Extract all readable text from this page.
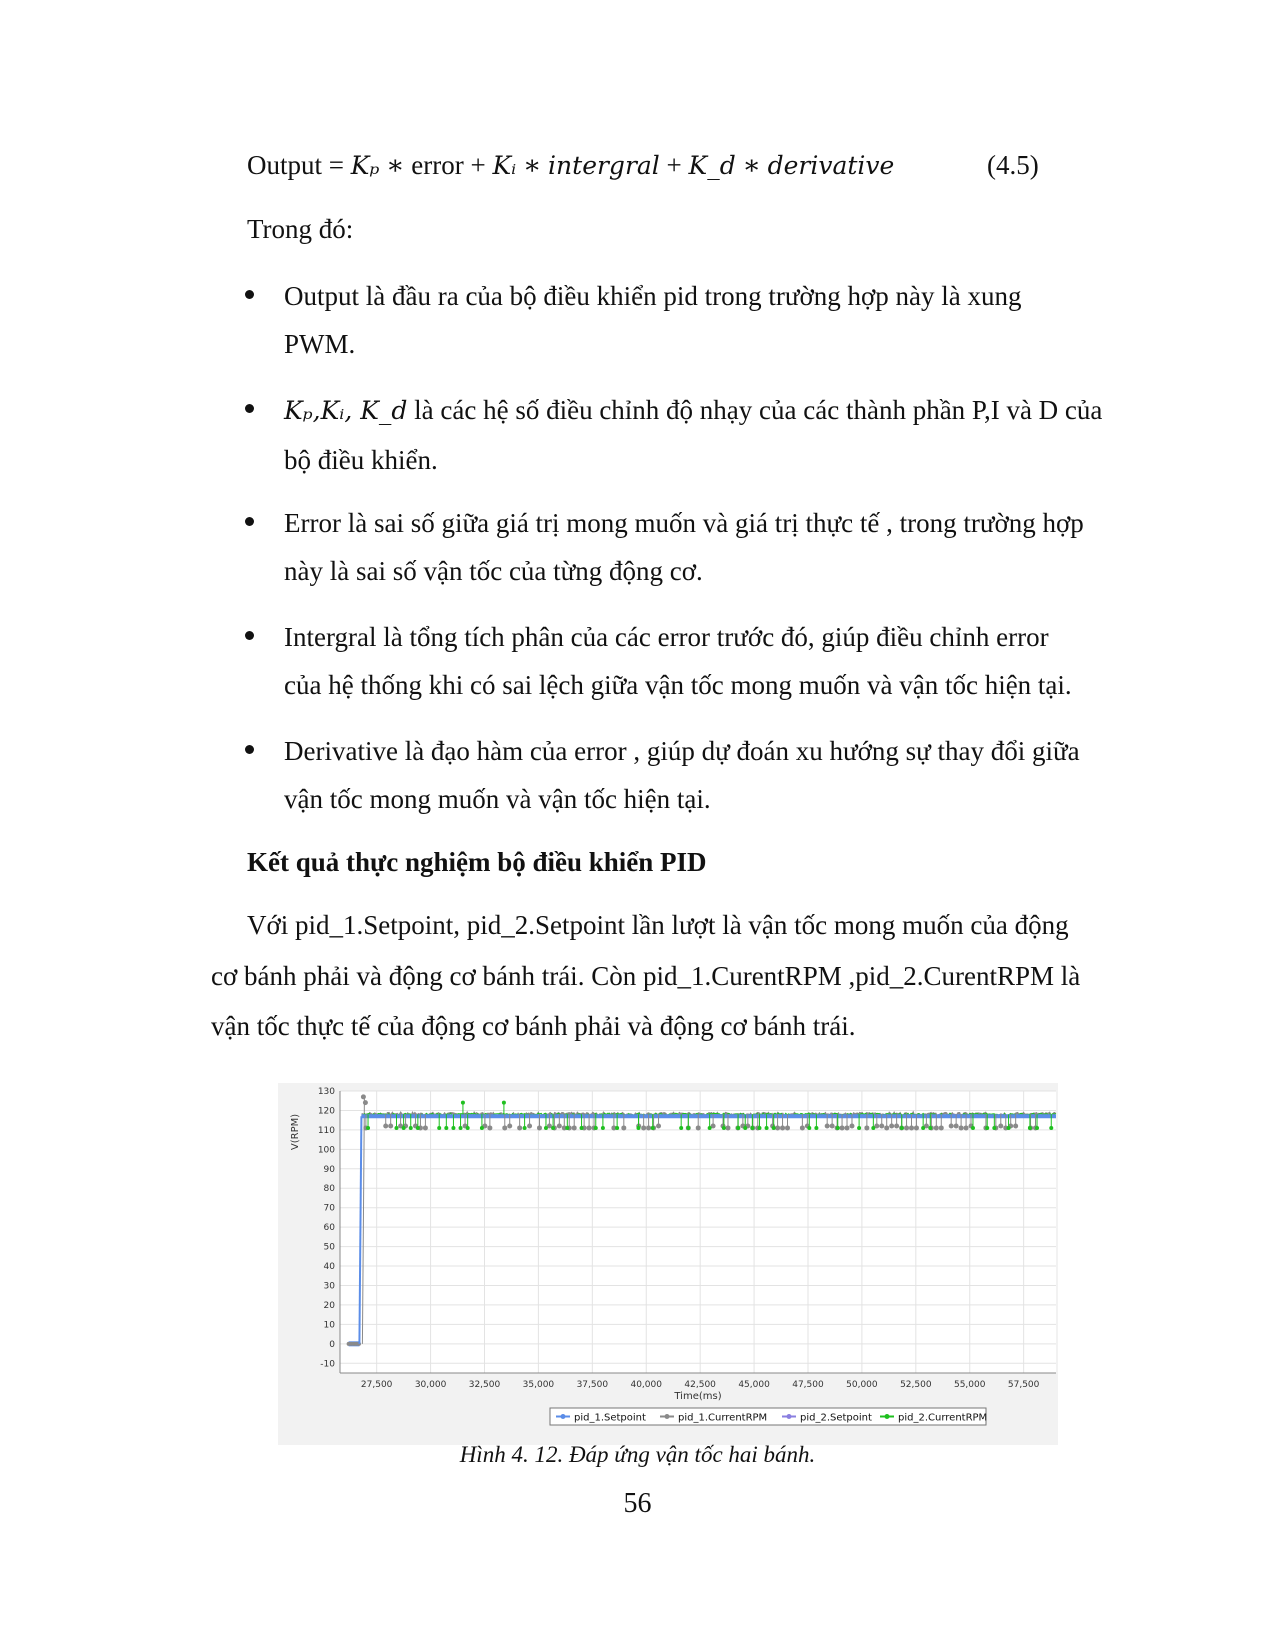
Output = Kₚ ∗ error + Kᵢ ∗ intergral + K_d ∗ derivative	(4.5)
Trong đó:
Output là đầu ra của bộ điều khiển pid trong trường hợp này là xung
PWM.
Kₚ,Kᵢ, K_d là các hệ số điều chỉnh độ nhạy của các thành phần P,I và D của
bộ điều khiển.
Error là sai số giữa giá trị mong muốn và giá trị thực tế , trong trường hợp
này là sai số vận tốc của từng động cơ.
Intergral là tổng tích phân của các error trước đó, giúp điều chỉnh error
của hệ thống khi có sai lệch giữa vận tốc mong muốn và vận tốc hiện tại.
Derivative là đạo hàm của error , giúp dự đoán xu hướng sự thay đổi giữa
vận tốc mong muốn và vận tốc hiện tại.
Kết quả thực nghiệm bộ điều khiển PID
Với pid_1.Setpoint, pid_2.Setpoint lần lượt là vận tốc mong muốn của động
cơ bánh phải và động cơ bánh trái. Còn pid_1.CurentRPM ,pid_2.CurentRPM là
vận tốc thực tế của động cơ bánh phải và động cơ bánh trái.
-10
0
10
20
30
40
50
60
70
80
90
100
110
120
130
27,500 30,000 32,500 35,000 37,500 40,000 42,500 45,000 47,500 50,000 52,500 55,000 57,500
Time(ms)
V(RPM)
pid_1.Setpoint	pid_1.CurrentRPM	pid_2.Setpoint	pid_2.CurrentRPM
Hình 4. 12. Đáp ứng vận tốc hai bánh.
56
